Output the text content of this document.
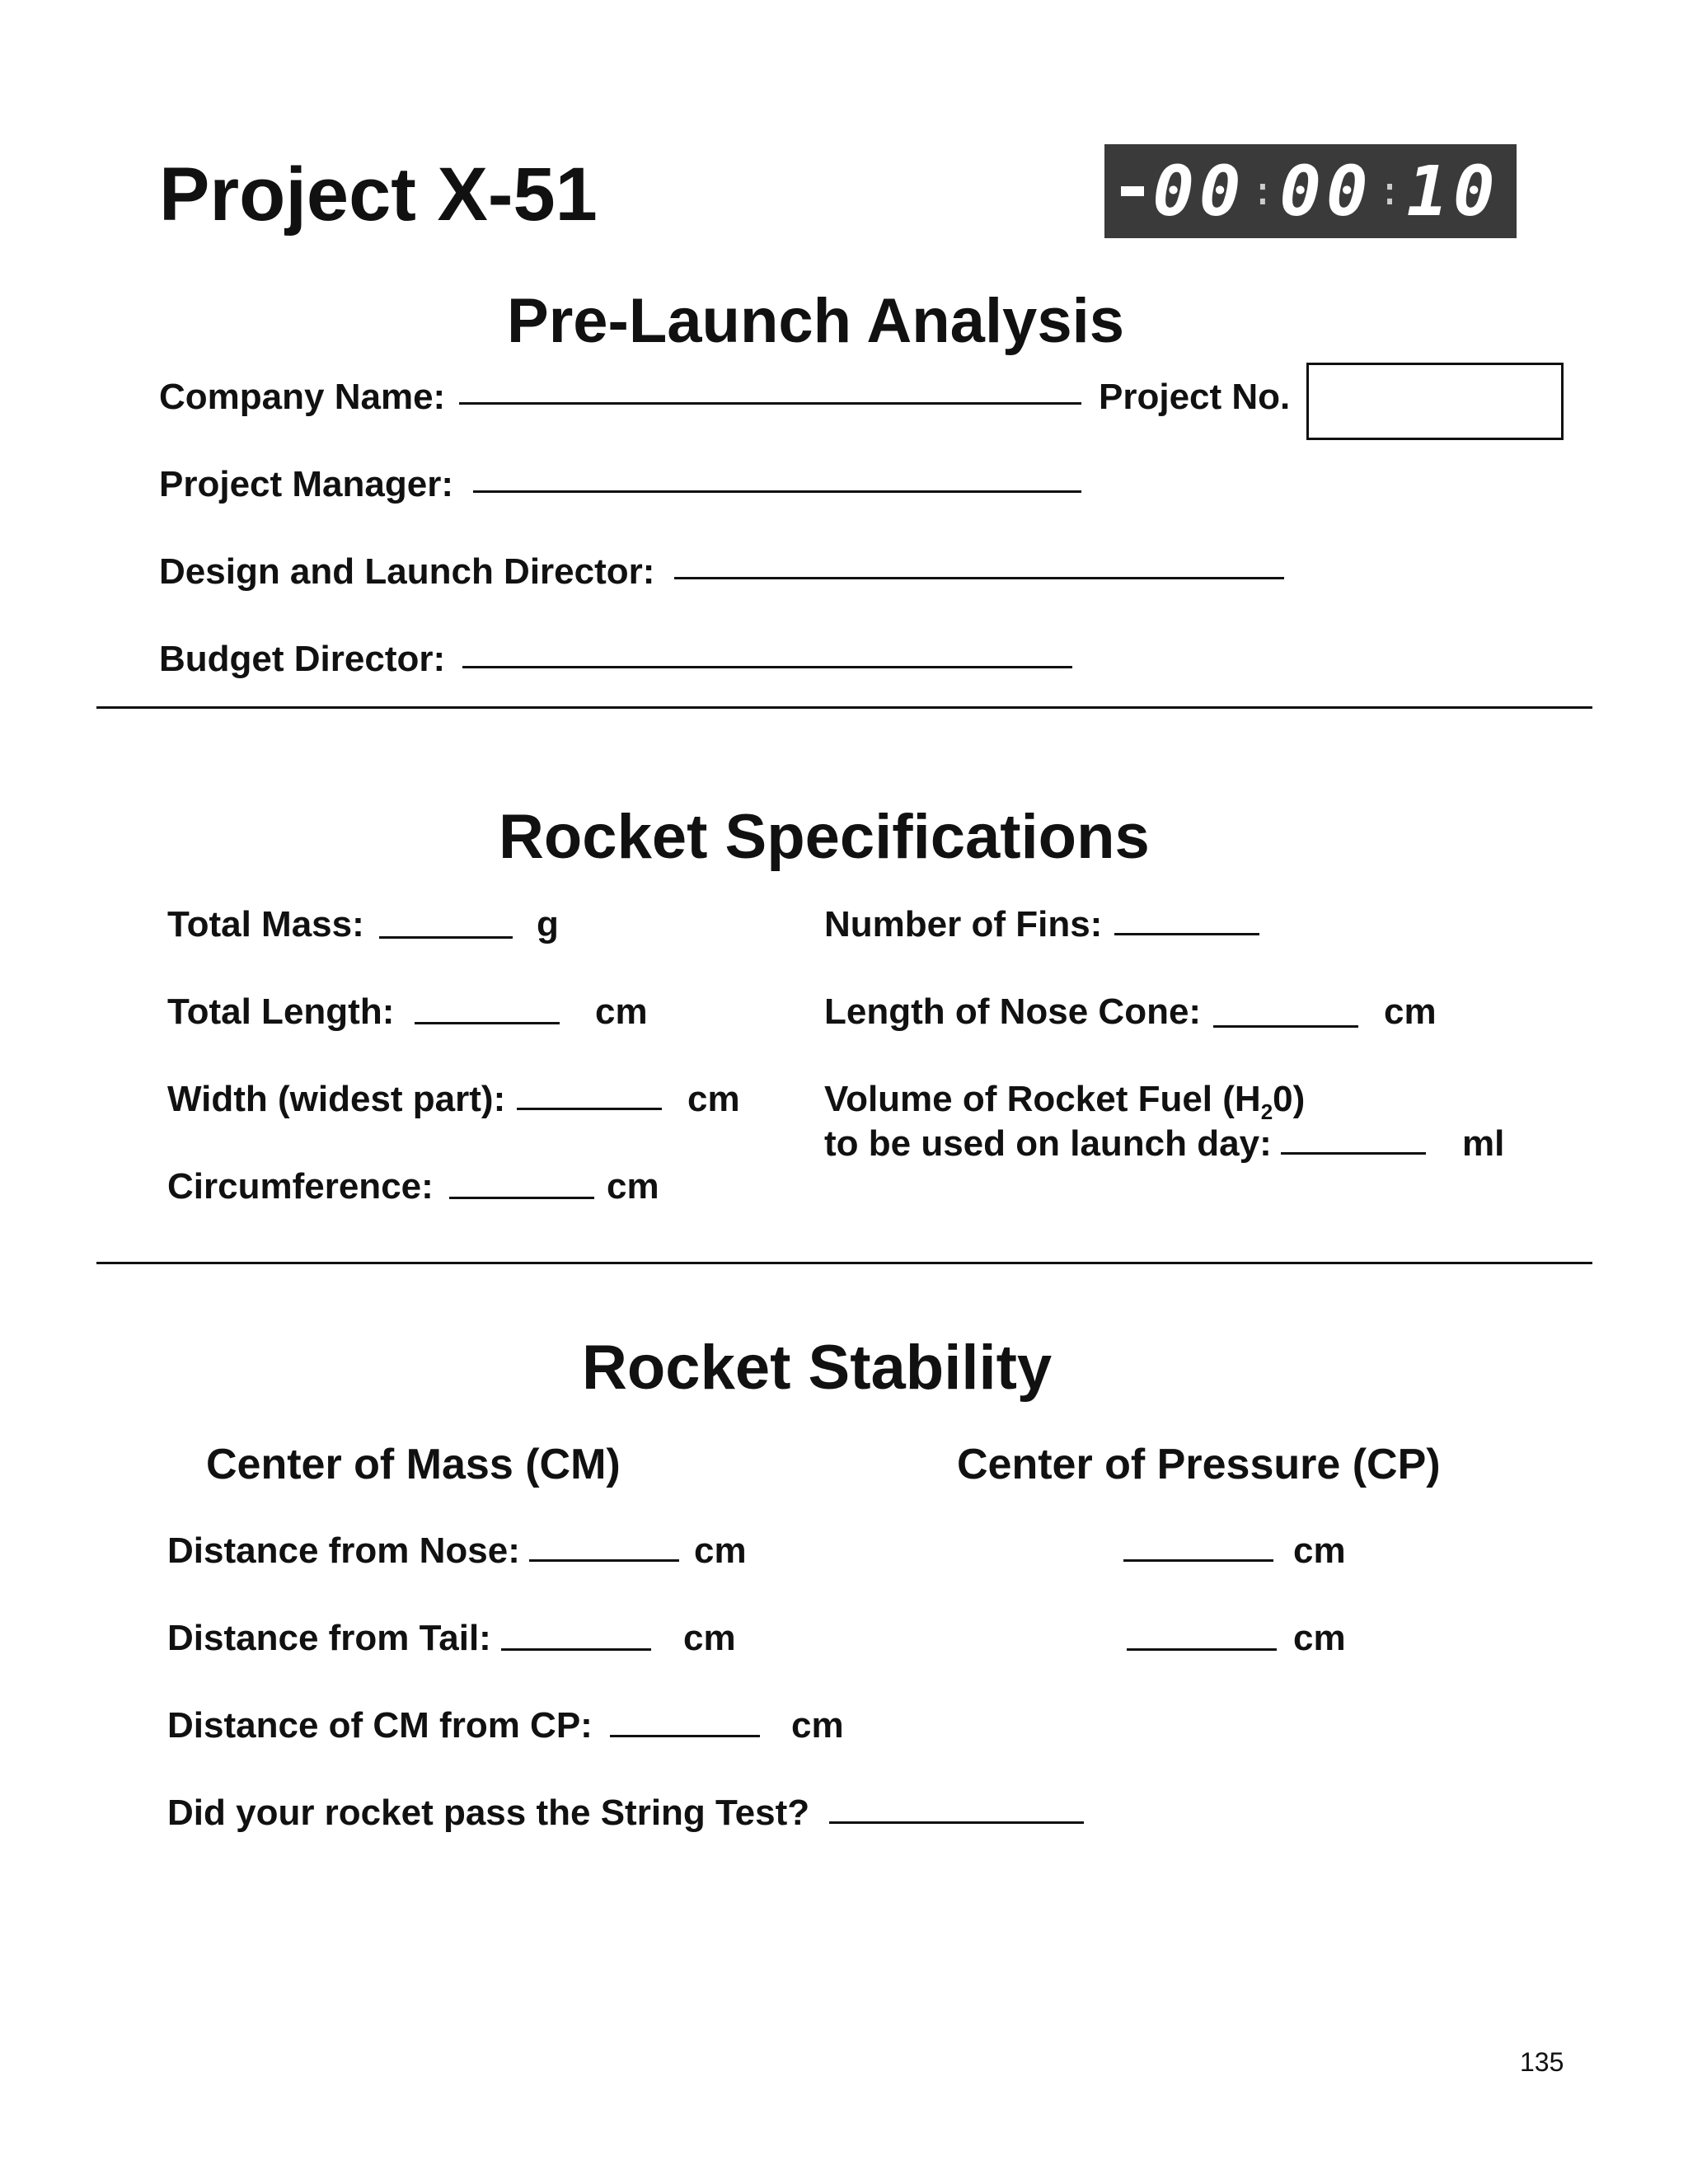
Project X-51	00 : 00 : 10
Pre-Launch Analysis
Company Name:	Project No.
Project Manager:
Design and Launch Director:
Budget Director:
Rocket Specifications
Total Mass:	g	Number of Fins:
Total Length:	cm	Length of Nose Cone:	cm
Width (widest part):	cm Volume of Rocket Fuel $(H_20)$
to be used on launch day:	ml
Circumference:	cm
Rocket Stability
Center of Mass (CM)	Center of Pressure (CP)
Distance from Nose:	cm	cm
Distance from Tail:	cm	cm
Distance of CM from CP:	cm
Did your rocket pass the String Test?
135
